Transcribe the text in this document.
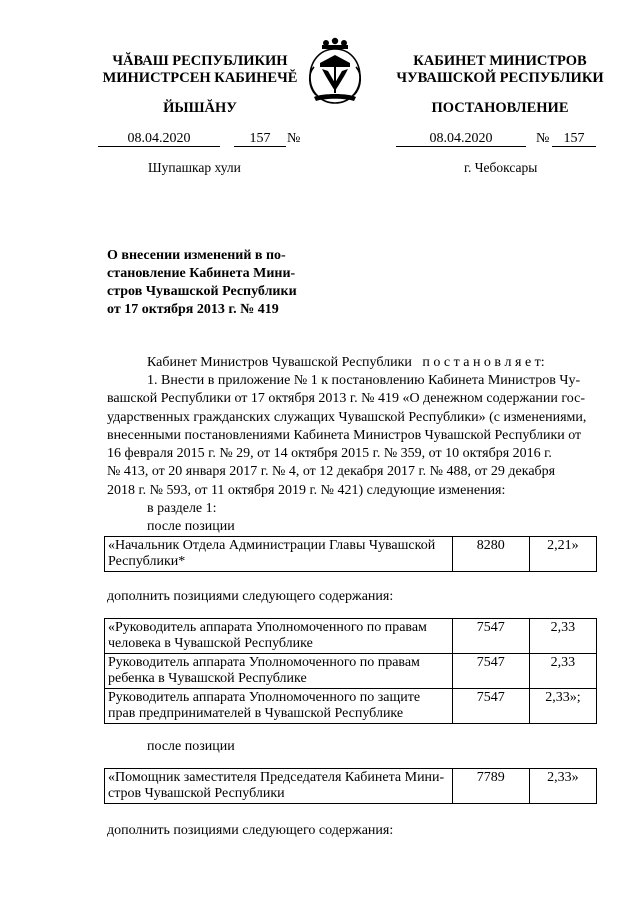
ЧĂВАШ РЕСПУБЛИКИН
МИНИСТРСЕН КАБИНЕЧĔ
ЙЫШĂНУ
КАБИНЕТ МИНИСТРОВ
ЧУВАШСКОЙ РЕСПУБЛИКИ
ПОСТАНОВЛЕНИЕ
08.04.2020	157	№	08.04.2020	№	157
Шупашкар хули	г. Чебоксары
О внесении изменений в по-
становление Кабинета Мини-
стров Чувашской Республики
от 17 октября 2013 г. № 419
Кабинет Министров Чувашской Республики п о с т а н о в л я е т:
1. Внести в приложение № 1 к постановлению Кабинета Министров Чу-
вашской Республики от 17 октября 2013 г. № 419 «О денежном содержании гос-
ударственных гражданских служащих Чувашской Республики» (с изменениями,
внесенными постановлениями Кабинета Министров Чувашской Республики от
16 февраля 2015 г. № 29, от 14 октября 2015 г. № 359, от 10 октября 2016 г.
№ 413, от 20 января 2017 г. № 4, от 12 декабря 2017 г. № 488, от 29 декабря
2018 г. № 593, от 11 октября 2019 г. № 421) следующие изменения:
в разделе 1:
после позиции
«Начальник Отдела Администрации Главы Чувашской
Республики*
	8280	2,21»
дополнить позициями следующего содержания:
«Руководитель аппарата Уполномоченного по правам
человека в Чувашской Республике	7547	2,33

Руководитель аппарата Уполномоченного по правам
ребенка в Чувашской Республике	7547	2,33

Руководитель аппарата Уполномоченного по защите
прав предпринимателей в Чувашской Республике	7547	2,33»;
после позиции
«Помощник заместителя Председателя Кабинета Мини-
стров Чувашской Республики
	7789	2,33»
дополнить позициями следующего содержания:
